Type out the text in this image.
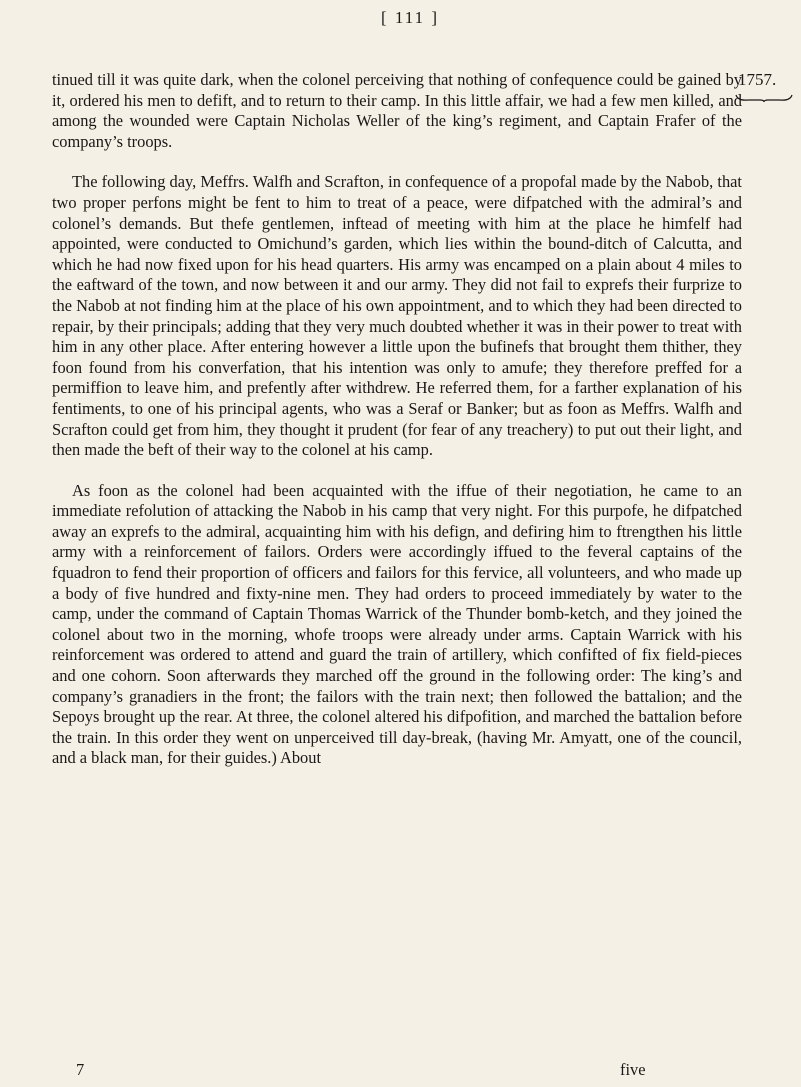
[ 111 ]
1757.

tinued till it was quite dark, when the colonel perceiving that nothing of confequence could be gained by it, ordered his men to defift, and to return to their camp. In this little affair, we had a few men killed, and among the wounded were Captain Nicholas Weller of the king’s regiment, and Captain Frafer of the company’s troops.

The following day, Meffrs. Walfh and Scrafton, in confequence of a propofal made by the Nabob, that two proper perfons might be fent to him to treat of a peace, were difpatched with the admiral’s and colonel’s demands. But thefe gentlemen, inftead of meeting with him at the place he himfelf had appointed, were conducted to Omichund’s garden, which lies within the bound-ditch of Calcutta, and which he had now fixed upon for his head quarters. His army was encamped on a plain about 4 miles to the eaftward of the town, and now between it and our army. They did not fail to exprefs their furprize to the Nabob at not finding him at the place of his own appointment, and to which they had been directed to repair, by their principals; adding that they very much doubted whether it was in their power to treat with him in any other place. After entering however a little upon the bufinefs that brought them thither, they foon found from his converfation, that his intention was only to amufe; they therefore preffed for a permiffion to leave him, and prefently after withdrew. He referred them, for a farther explanation of his fentiments, to one of his principal agents, who was a Seraf or Banker; but as foon as Meffrs. Walfh and Scrafton could get from him, they thought it prudent (for fear of any treachery) to put out their light, and then made the beft of their way to the colonel at his camp.

As foon as the colonel had been acquainted with the iffue of their negotiation, he came to an immediate refolution of attacking the Nabob in his camp that very night. For this purpofe, he difpatched away an exprefs to the admiral, acquainting him with his defign, and defiring him to ftrengthen his little army with a reinforcement of failors. Orders were accordingly iffued to the feveral captains of the fquadron to fend their proportion of officers and failors for this fervice, all volunteers, and who made up a body of five hundred and fixty-nine men. They had orders to proceed immediately by water to the camp, under the command of Captain Thomas Warrick of the Thunder bomb-ketch, and they joined the colonel about two in the morning, whofe troops were already under arms. Captain Warrick with his reinforcement was ordered to attend and guard the train of artillery, which confifted of fix field-pieces and one cohorn. Soon afterwards they marched off the ground in the following order: The king’s and company’s granadiers in the front; the failors with the train next; then followed the battalion; and the Sepoys brought up the rear. At three, the colonel altered his difpofition, and marched the battalion before the train. In this order they went on unperceived till day-break, (having Mr. Amyatt, one of the council, and a black man, for their guides.) About

7	five
